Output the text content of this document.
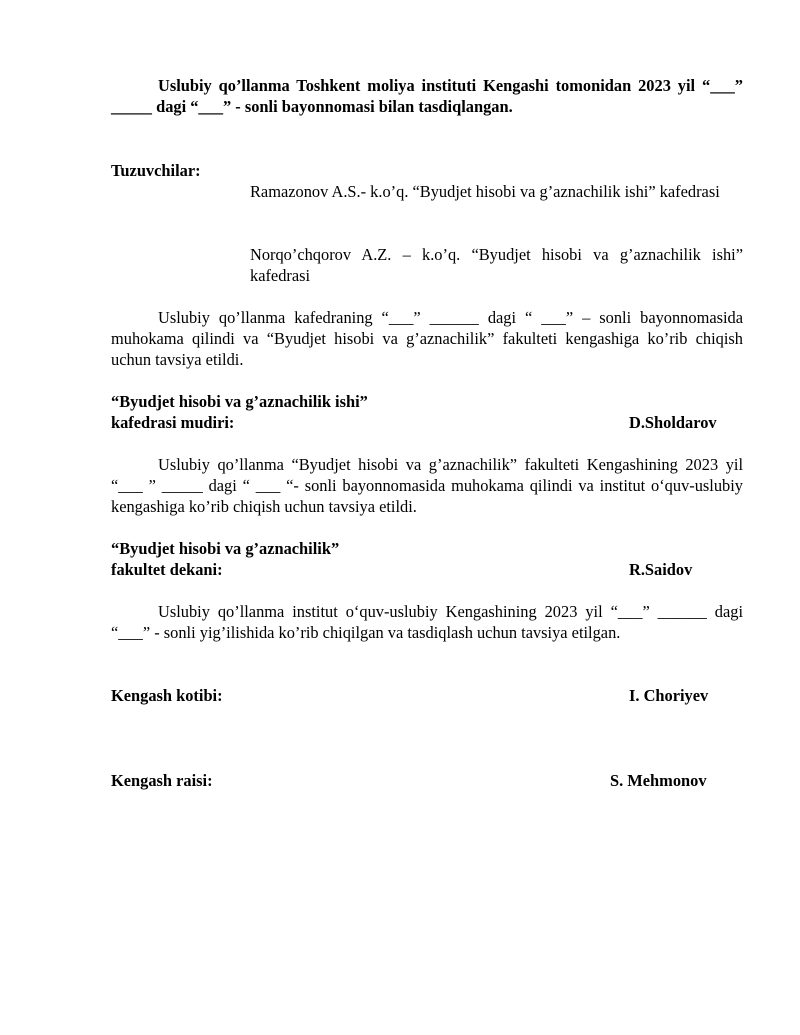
Uslubiy qo’llanma Toshkent moliya instituti Kengashi tomonidan 2023 yil “___” _____ dagi “___” - sonli bayonnomasi bilan tasdiqlangan.
Tuzuvchilar:
Ramazonov A.S.- k.o’q. “Byudjet hisobi va g’aznachilik ishi” kafedrasi
Norqo’chqorov A.Z. – k.o’q. “Byudjet hisobi va g’aznachilik ishi” kafedrasi
Uslubiy qo’llanma kafedraning “___” ______ dagi “ ___” – sonli bayonnomasida muhokama qilindi va “Byudjet hisobi va g’aznachilik” fakulteti kengashiga ko’rib chiqish uchun tavsiya etildi.
“Byudjet hisobi va g’aznachilik ishi”
kafedrasi mudiri:	D.Sholdarov
Uslubiy qo’llanma “Byudjet hisobi va g’aznachilik” fakulteti Kengashining 2023 yil “___ ” _____ dagi “ ___ “- sonli bayonnomasida muhokama qilindi va institut o‘quv-uslubiy kengashiga ko’rib chiqish uchun tavsiya etildi.
“Byudjet hisobi va g’aznachilik”
fakultet dekani:	R.Saidov
Uslubiy qo’llanma institut o‘quv-uslubiy Kengashining 2023 yil “___” ______ dagi “___” - sonli yig’ilishida ko’rib chiqilgan va tasdiqlash uchun tavsiya etilgan.
Kengash kotibi:	I. Choriyev
Kengash raisi:	S. Mehmonov
